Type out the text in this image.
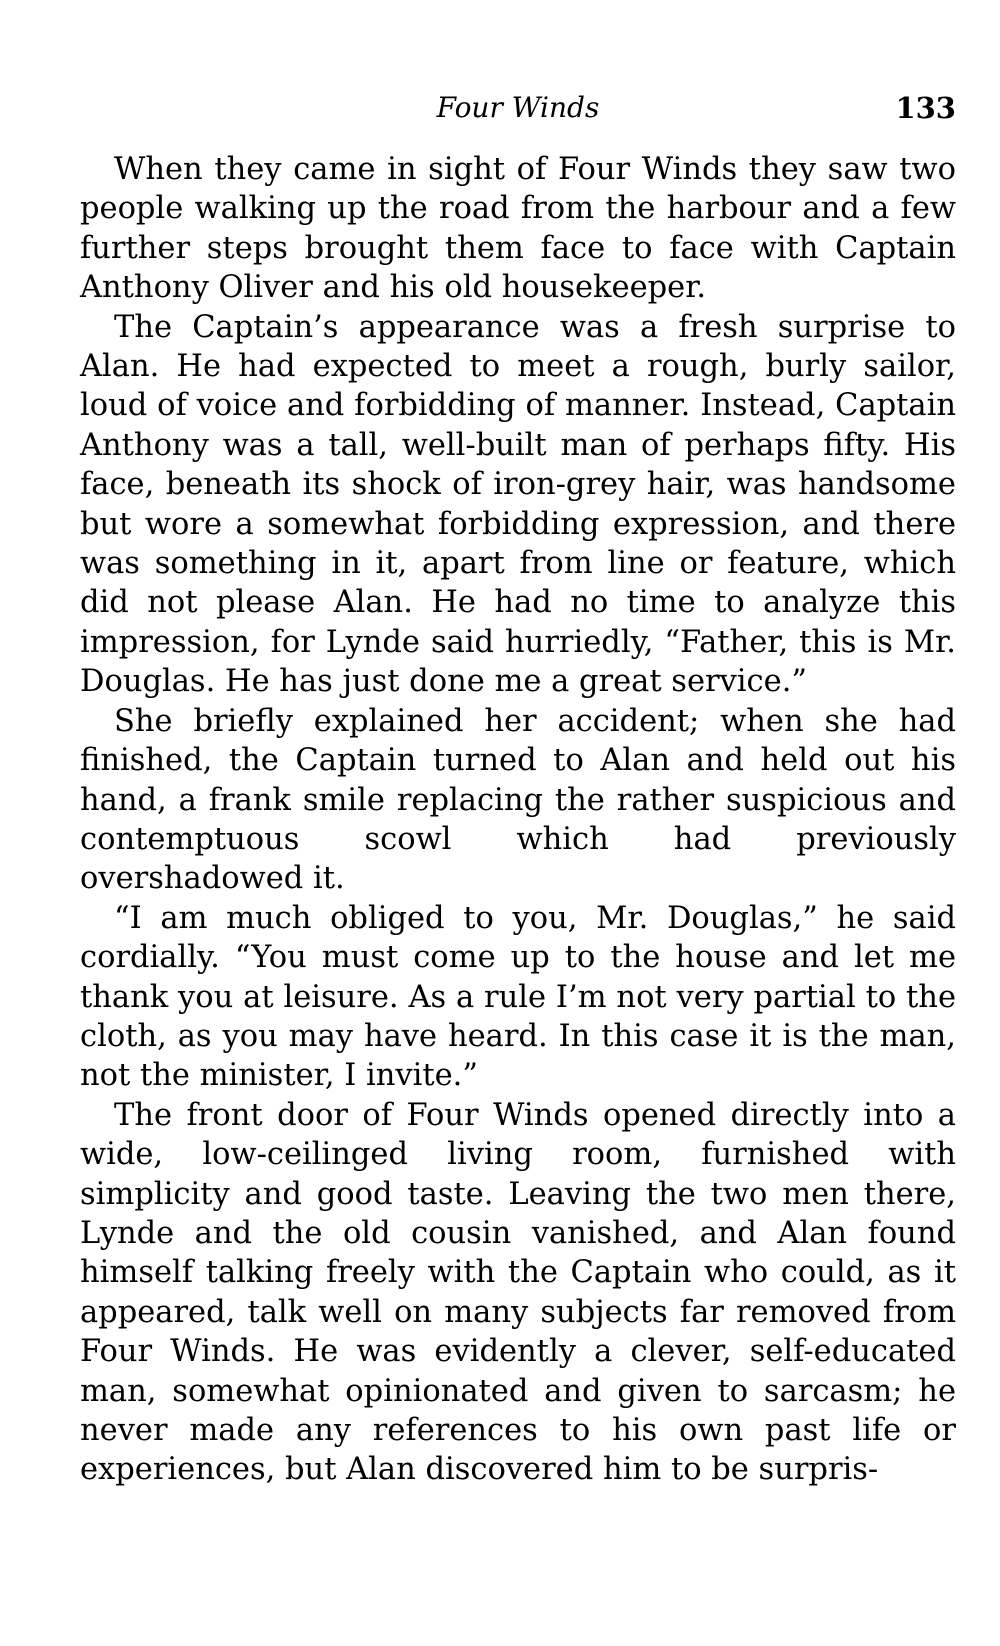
Four Winds	133

When they came in sight of Four Winds they saw two people walking up the road from the harbour and a few further steps brought them face to face with Captain Anthony Oliver and his old housekeeper.

The Captain’s appearance was a fresh surprise to Alan. He had expected to meet a rough, burly sailor, loud of voice and forbidding of manner. Instead, Captain Anthony was a tall, well-built man of perhaps fifty. His face, beneath its shock of iron-grey hair, was handsome but wore a somewhat forbidding expression, and there was something in it, apart from line or feature, which did not please Alan. He had no time to analyze this impression, for Lynde said hurriedly, “Father, this is Mr. Douglas. He has just done me a great service.”

She briefly explained her accident; when she had finished, the Captain turned to Alan and held out his hand, a frank smile replacing the rather suspicious and contemptuous scowl which had previously overshadowed it.

“I am much obliged to you, Mr. Douglas,” he said cordially. “You must come up to the house and let me thank you at leisure. As a rule I’m not very partial to the cloth, as you may have heard. In this case it is the man, not the minister, I invite.”

The front door of Four Winds opened directly into a wide, low-ceilinged living room, furnished with simplicity and good taste. Leaving the two men there, Lynde and the old cousin vanished, and Alan found himself talking freely with the Captain who could, as it appeared, talk well on many subjects far removed from Four Winds. He was evidently a clever, self-educated man, somewhat opinionated and given to sarcasm; he never made any references to his own past life or experiences, but Alan discovered him to be surpris-
